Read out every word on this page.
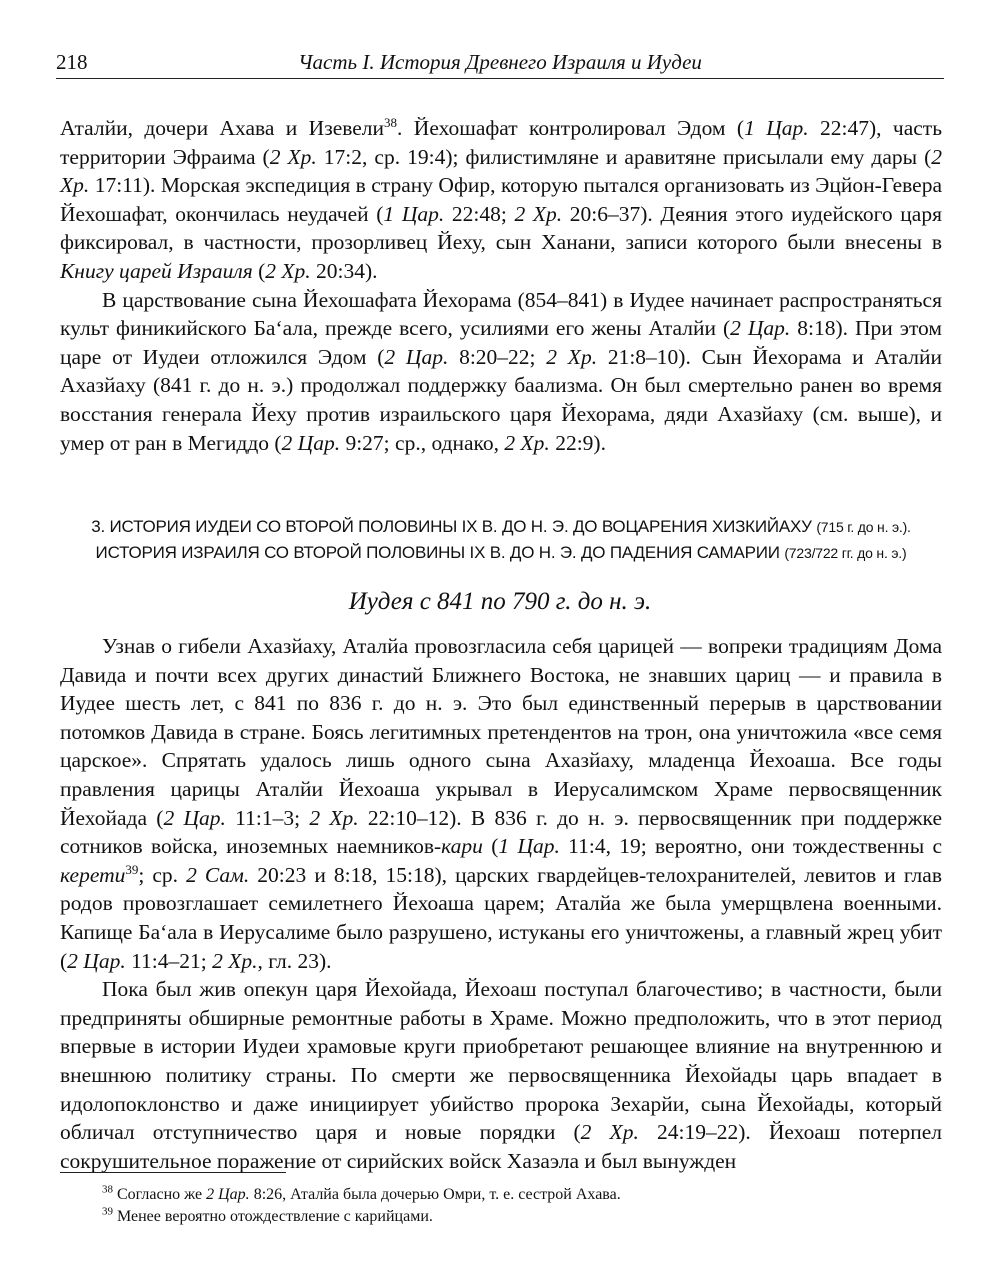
218	Часть I. История Древнего Израиля и Иудеи

Аталйи, дочери Ахава и Изевели$^{38}$. Йехошафат контролировал Эдом (1 Цар. 22:47), часть территории Эфраима (2 Хр. 17:2, ср. 19:4); филистимляне и аравитяне присылали ему дары (2 Хр. 17:11). Морская экспедиция в страну Офир, которую пытался организовать из Эцйон-Гевера Йехошафат, окончилась неудачей (1 Цар. 22:48; 2 Хр. 20:6–37). Деяния этого иудейского царя фиксировал, в частности, прозорливец Йеху, сын Ханани, записи которого были внесены в Книгу царей Израиля (2 Хр. 20:34).

В царствование сына Йехошафата Йехорама (854–841) в Иудее начинает распространяться культ финикийского Ба‘ала, прежде всего, усилиями его жены Аталйи (2 Цар. 8:18). При этом царе от Иудеи отложился Эдом (2 Цар. 8:20–22; 2 Хр. 21:8–10). Сын Йехорама и Аталйи Ахазйаху (841 г. до н. э.) продолжал поддержку баализма. Он был смертельно ранен во время восстания генерала Йеху против израильского царя Йехорама, дяди Ахазйаху (см. выше), и умер от ран в Мегиддо (2 Цар. 9:27; ср., однако, 2 Хр. 22:9).

3. ИСТОРИЯ ИУДЕИ СО ВТОРОЙ ПОЛОВИНЫ IX В. ДО Н. Э. ДО ВОЦАРЕНИЯ ХИЗКИЙАХУ (715 г. до н. э.).
ИСТОРИЯ ИЗРАИЛЯ СО ВТОРОЙ ПОЛОВИНЫ IX В. ДО Н. Э. ДО ПАДЕНИЯ САМАРИИ (723/722 гг. до н. э.)
Иудея с 841 по 790 г. до н. э.

Узнав о гибели Ахазйаху, Аталйа провозгласила себя царицей — вопреки традициям Дома Давида и почти всех других династий Ближнего Востока, не знавших цариц — и правила в Иудее шесть лет, с 841 по 836 г. до н. э. Это был единственный перерыв в царствовании потомков Давида в стране. Боясь легитимных претендентов на трон, она уничтожила «все семя царское». Спрятать удалось лишь одного сына Ахазйаху, младенца Йехоаша. Все годы правления царицы Аталйи Йехоаша укрывал в Иерусалимском Храме первосвященник Йехойада (2 Цар. 11:1–3; 2 Хр. 22:10–12). В 836 г. до н. э. первосвященник при поддержке сотников войска, иноземных наемников-кари (1 Цар. 11:4, 19; вероятно, они тождественны с керети$^{39}$; ср. 2 Сам. 20:23 и 8:18, 15:18), царских гвардейцев-телохранителей, левитов и глав родов провозглашает семилетнего Йехоаша царем; Аталйа же была умерщвлена военными. Капище Ба‘ала в Иерусалиме было разрушено, истуканы его уничтожены, а главный жрец убит (2 Цар. 11:4–21; 2 Хр., гл. 23).

Пока был жив опекун царя Йехойада, Йехоаш поступал благочестиво; в частности, были предприняты обширные ремонтные работы в Храме. Можно предположить, что в этот период впервые в истории Иудеи храмовые круги приобретают решающее влияние на внутреннюю и внешнюю политику страны. По смерти же первосвященника Йехойады царь впадает в идолопоклонство и даже инициирует убийство пророка Зехарйи, сына Йехойады, который обличал отступничество царя и новые порядки (2 Хр. 24:19–22). Йехоаш потерпел сокрушительное поражение от сирийских войск Хазаэла и был вынужден

$^{38}$ Согласно же 2 Цар. 8:26, Аталйа была дочерью Омри, т. е. сестрой Ахава.
$^{39}$ Менее вероятно отождествление с карийцами.
